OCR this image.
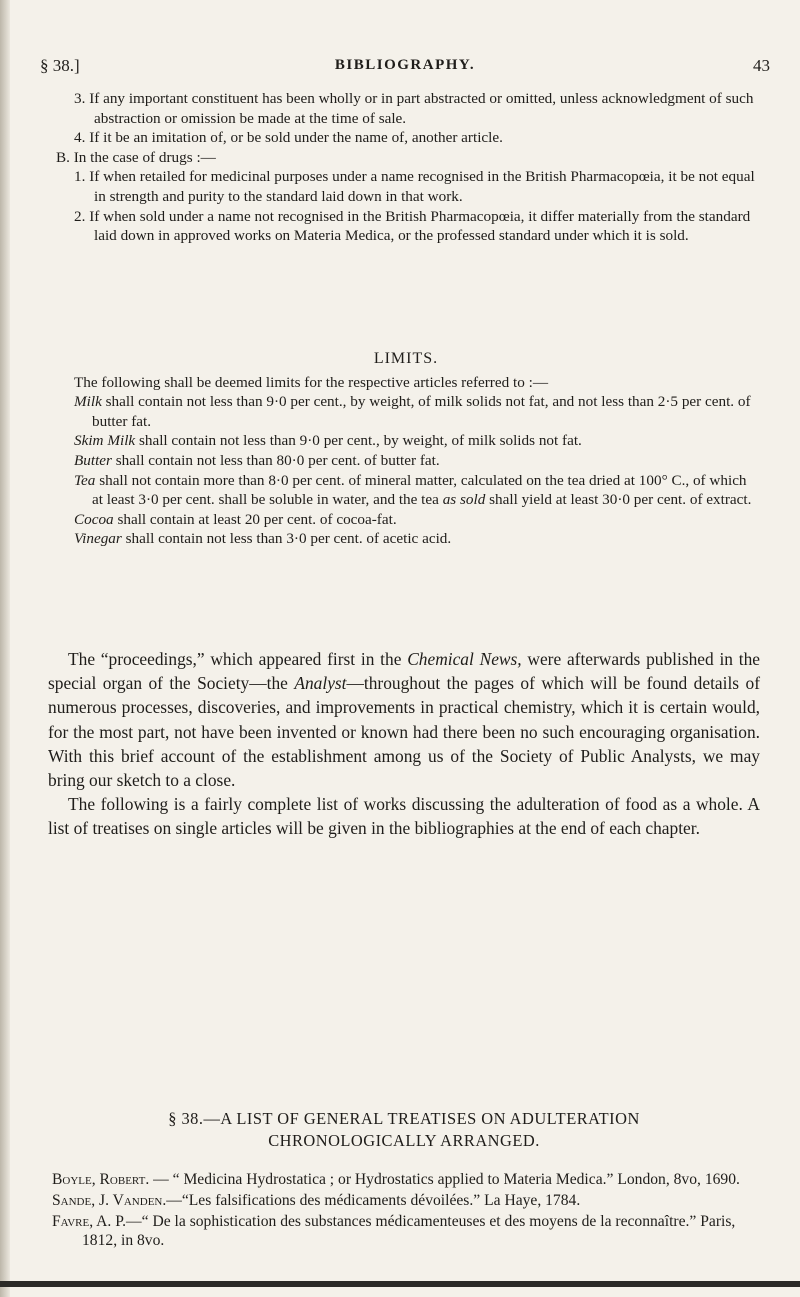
§ 38.]	BIBLIOGRAPHY.	43

3. If any important constituent has been wholly or in part abstracted or omitted, unless acknowledgment of such abstraction or omission be made at the time of sale.

4. If it be an imitation of, or be sold under the name of, another article.

B. In the case of drugs :—

1. If when retailed for medicinal purposes under a name recognised in the British Pharmacopœia, it be not equal in strength and purity to the standard laid down in that work.

2. If when sold under a name not recognised in the British Pharmacopœia, it differ materially from the standard laid down in approved works on Materia Medica, or the professed standard under which it is sold.

LIMITS.

The following shall be deemed limits for the respective articles referred to :—

Milk shall contain not less than 9·0 per cent., by weight, of milk solids not fat, and not less than 2·5 per cent. of butter fat.

Skim Milk shall contain not less than 9·0 per cent., by weight, of milk solids not fat.

Butter shall contain not less than 80·0 per cent. of butter fat.

Tea shall not contain more than 8·0 per cent. of mineral matter, calculated on the tea dried at 100° C., of which at least 3·0 per cent. shall be soluble in water, and the tea as sold shall yield at least 30·0 per cent. of extract.

Cocoa shall contain at least 20 per cent. of cocoa-fat.

Vinegar shall contain not less than 3·0 per cent. of acetic acid.

The “proceedings,” which appeared first in the Chemical News, were afterwards published in the special organ of the Society—the Analyst—throughout the pages of which will be found details of numerous processes, discoveries, and improvements in practical chemistry, which it is certain would, for the most part, not have been invented or known had there been no such encouraging organisation. With this brief account of the establishment among us of the Society of Public Analysts, we may bring our sketch to a close.

The following is a fairly complete list of works discussing the adulteration of food as a whole. A list of treatises on single articles will be given in the bibliographies at the end of each chapter.

§ 38.—A LIST OF GENERAL TREATISES ON ADULTERATION
CHRONOLOGICALLY ARRANGED.

Boyle, Robert. — “ Medicina Hydrostatica ; or Hydrostatics applied to Materia Medica.” London, 8vo, 1690.

Sande, J. Vanden.—“Les falsifications des médicaments dévoilées.” La Haye, 1784.

Favre, A. P.—“ De la sophistication des substances médicamenteuses et des moyens de la reconnaître.” Paris, 1812, in 8vo.
